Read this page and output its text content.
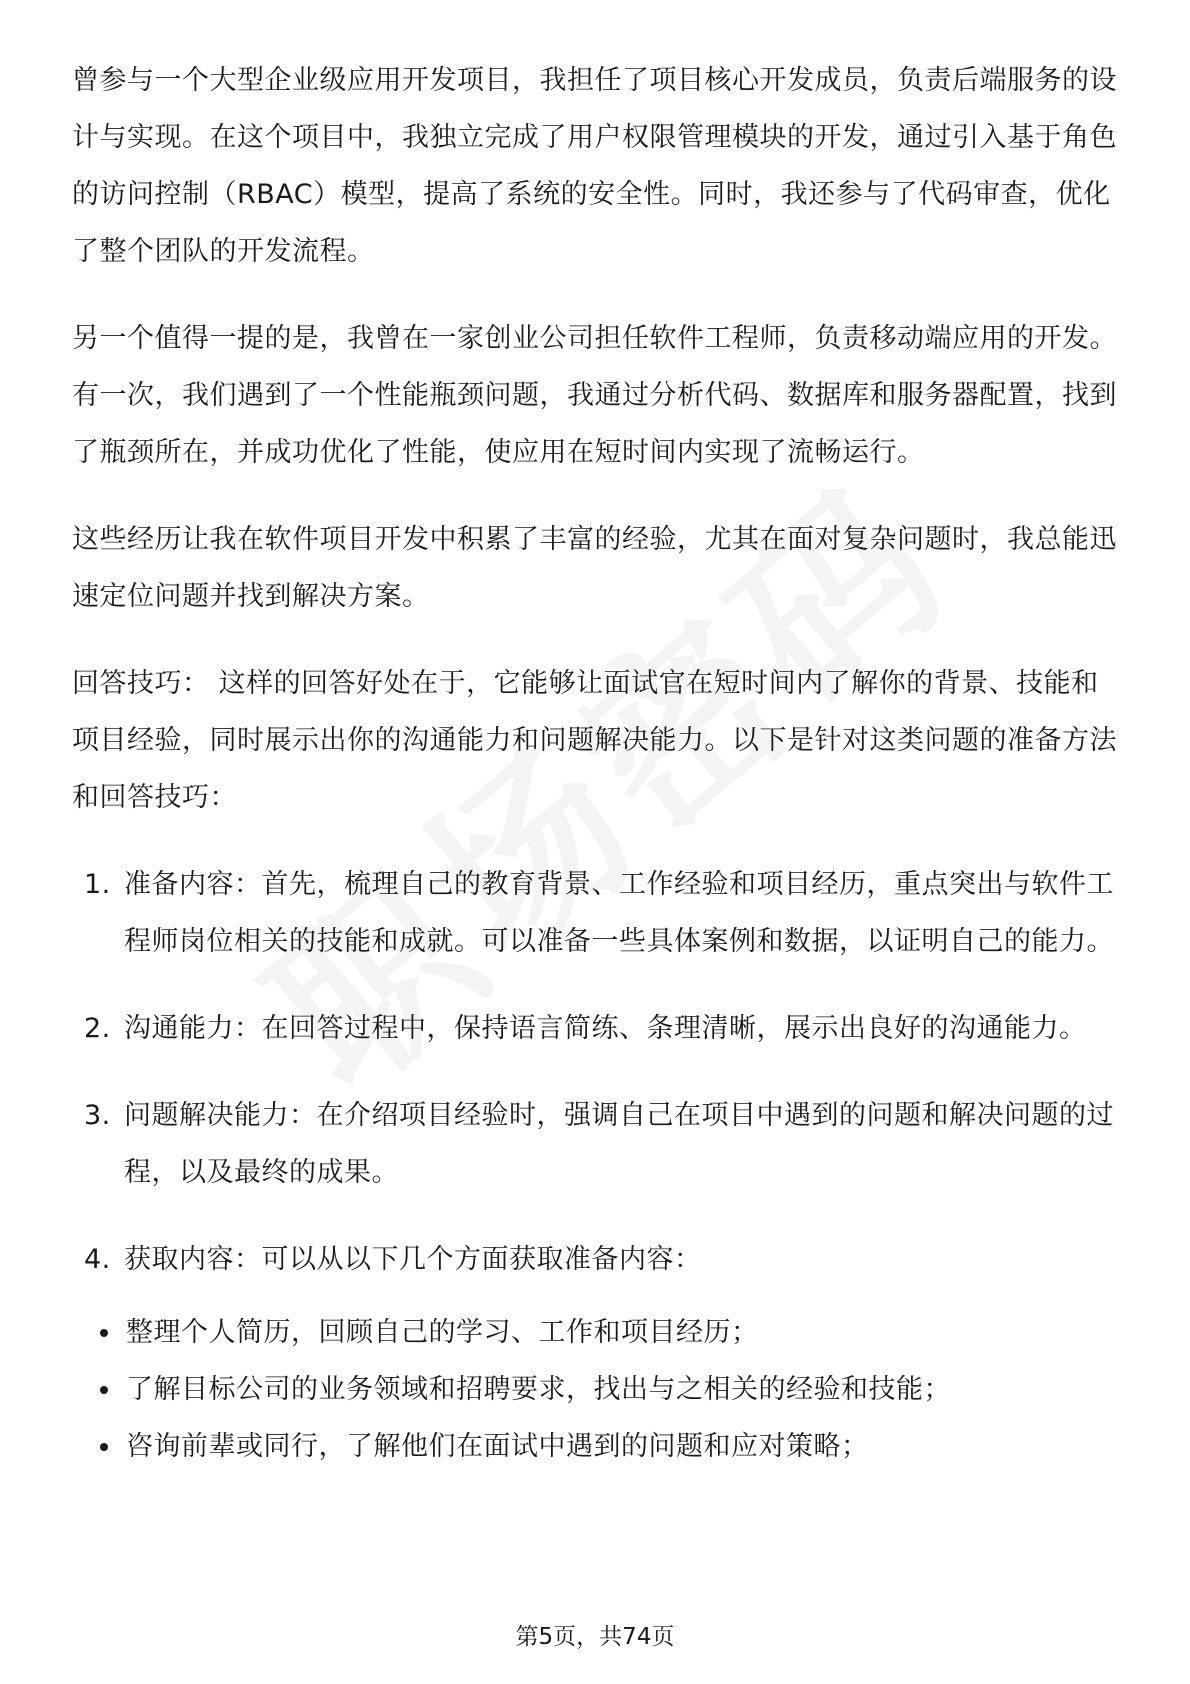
曾参与一个大型企业级应用开发项目，我担任了项目核心开发成员，负责后端服务的设计与实现。在这个项目中，我独立完成了用户权限管理模块的开发，通过引入基于角色的访问控制（RBAC）模型，提高了系统的安全性。同时，我还参与了代码审查，优化了整个团队的开发流程。

另一个值得一提的是，我曾在一家创业公司担任软件工程师，负责移动端应用的开发。有一次，我们遇到了一个性能瓶颈问题，我通过分析代码、数据库和服务器配置，找到了瓶颈所在，并成功优化了性能，使应用在短时间内实现了流畅运行。

这些经历让我在软件项目开发中积累了丰富的经验，尤其在面对复杂问题时，我总能迅速定位问题并找到解决方案。

回答技巧： 这样的回答好处在于，它能够让面试官在短时间内了解你的背景、技能和项目经验，同时展示出你的沟通能力和问题解决能力。以下是针对这类问题的准备方法和回答技巧：

1. 准备内容：首先，梳理自己的教育背景、工作经验和项目经历，重点突出与软件工程师岗位相关的技能和成就。可以准备一些具体案例和数据，以证明自己的能力。
2. 沟通能力：在回答过程中，保持语言简练、条理清晰，展示出良好的沟通能力。
3. 问题解决能力：在介绍项目经验时，强调自己在项目中遇到的问题和解决问题的过程，以及最终的成果。
4. 获取内容：可以从以下几个方面获取准备内容：
整理个人简历，回顾自己的学习、工作和项目经历；
了解目标公司的业务领域和招聘要求，找出与之相关的经验和技能；
咨询前辈或同行，了解他们在面试中遇到的问题和应对策略；
第5页，共74页
